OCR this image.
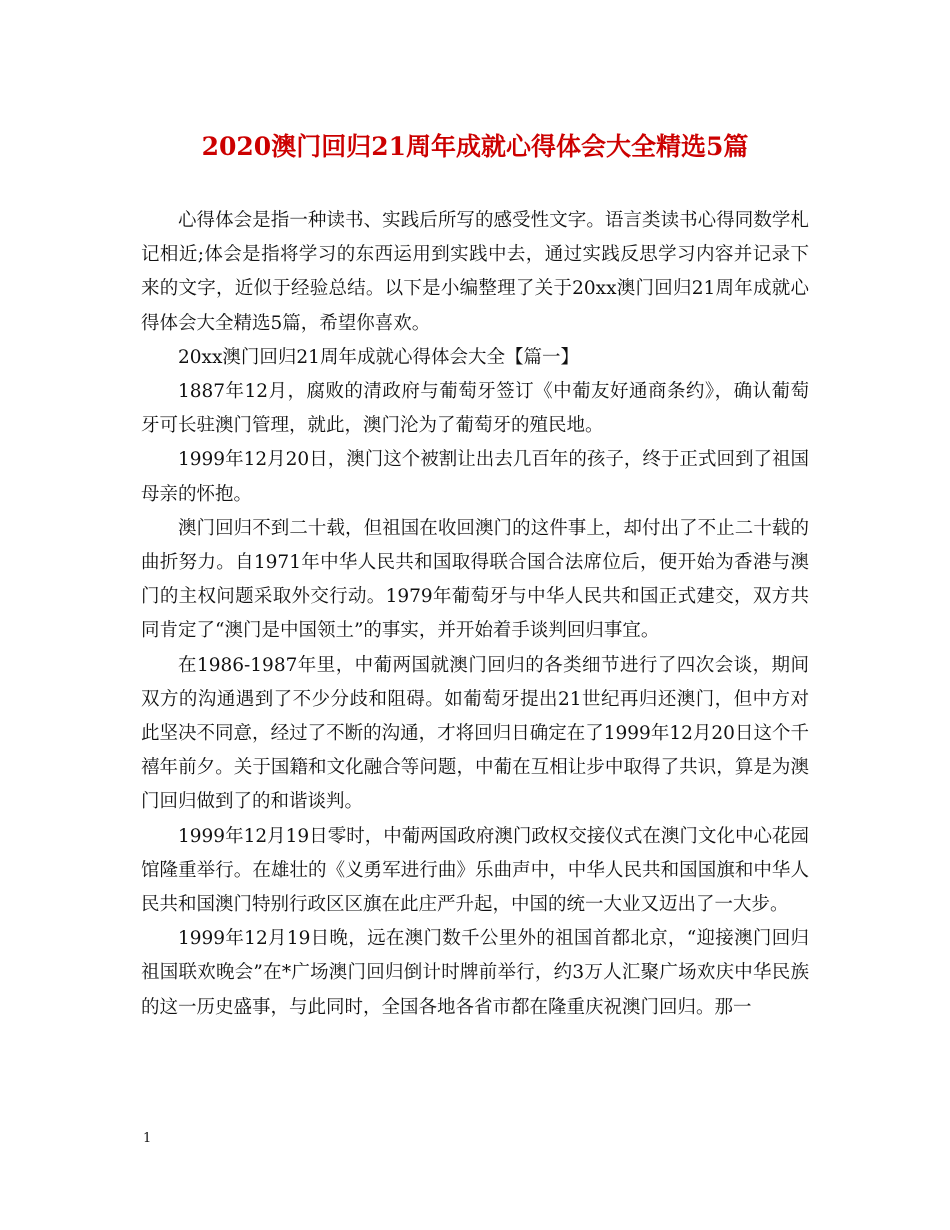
2020澳门回归21周年成就心得体会大全精选5篇

心得体会是指一种读书、实践后所写的感受性文字。语言类读书心得同数学札记相近;体会是指将学习的东西运用到实践中去，通过实践反思学习内容并记录下来的文字，近似于经验总结。以下是小编整理了关于20xx澳门回归21周年成就心得体会大全精选5篇，希望你喜欢。

20xx澳门回归21周年成就心得体会大全【篇一】

1887年12月，腐败的清政府与葡萄牙签订《中葡友好通商条约》，确认葡萄牙可长驻澳门管理，就此，澳门沦为了葡萄牙的殖民地。

1999年12月20日，澳门这个被割让出去几百年的孩子，终于正式回到了祖国母亲的怀抱。

澳门回归不到二十载，但祖国在收回澳门的这件事上，却付出了不止二十载的曲折努力。自1971年中华人民共和国取得联合国合法席位后，便开始为香港与澳门的主权问题采取外交行动。1979年葡萄牙与中华人民共和国正式建交，双方共同肯定了“澳门是中国领土”的事实，并开始着手谈判回归事宜。

在1986-1987年里，中葡两国就澳门回归的各类细节进行了四次会谈，期间双方的沟通遇到了不少分歧和阻碍。如葡萄牙提出21世纪再归还澳门，但中方对此坚决不同意，经过了不断的沟通，才将回归日确定在了1999年12月20日这个千禧年前夕。关于国籍和文化融合等问题，中葡在互相让步中取得了共识，算是为澳门回归做到了的和谐谈判。

1999年12月19日零时，中葡两国政府澳门政权交接仪式在澳门文化中心花园馆隆重举行。在雄壮的《义勇军进行曲》乐曲声中，中华人民共和国国旗和中华人民共和国澳门特别行政区区旗在此庄严升起，中国的统一大业又迈出了一大步。

1999年12月19日晚，远在澳门数千公里外的祖国首都北京，“迎接澳门回归祖国联欢晚会”在*广场澳门回归倒计时牌前举行，约3万人汇聚广场欢庆中华民族的这一历史盛事，与此同时，全国各地各省市都在隆重庆祝澳门回归。那一

1
